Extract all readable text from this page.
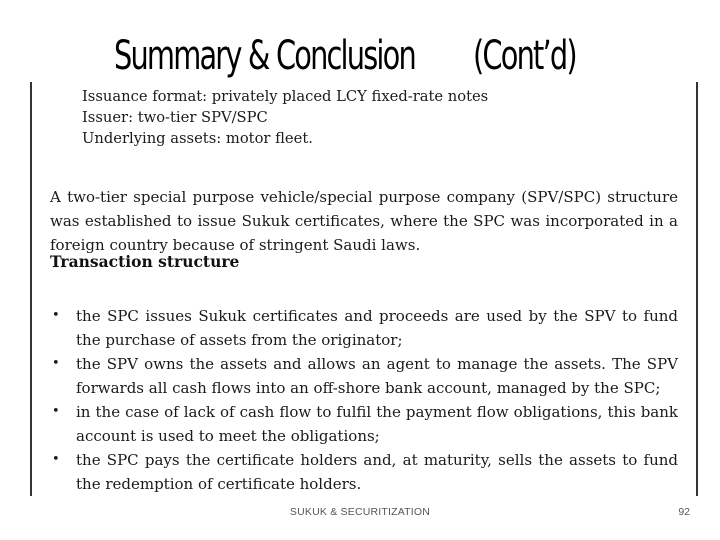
Summary & Conclusion (Cont’d)
Issuance format: privately placed LCY fixed-rate notes
Issuer: two-tier SPV/SPC
Underlying assets: motor fleet.

A two-tier special purpose vehicle/special purpose company (SPV/SPC) structure was established to issue Sukuk certificates, where the SPC was incorporated in a foreign country because of stringent Saudi laws.

Transaction structure
• the SPC issues Sukuk certificates and proceeds are used by the SPV to fund the purchase of assets from the originator;
• the SPV owns the assets and allows an agent to manage the assets. The SPV forwards all cash flows into an off-shore bank account, managed by the SPC;
• in the case of lack of cash flow to fulfil the payment flow obligations, this bank account is used to meet the obligations;
• the SPC pays the certificate holders and, at maturity, sells the assets to fund the redemption of certificate holders.
SUKUK & SECURITIZATION	92
